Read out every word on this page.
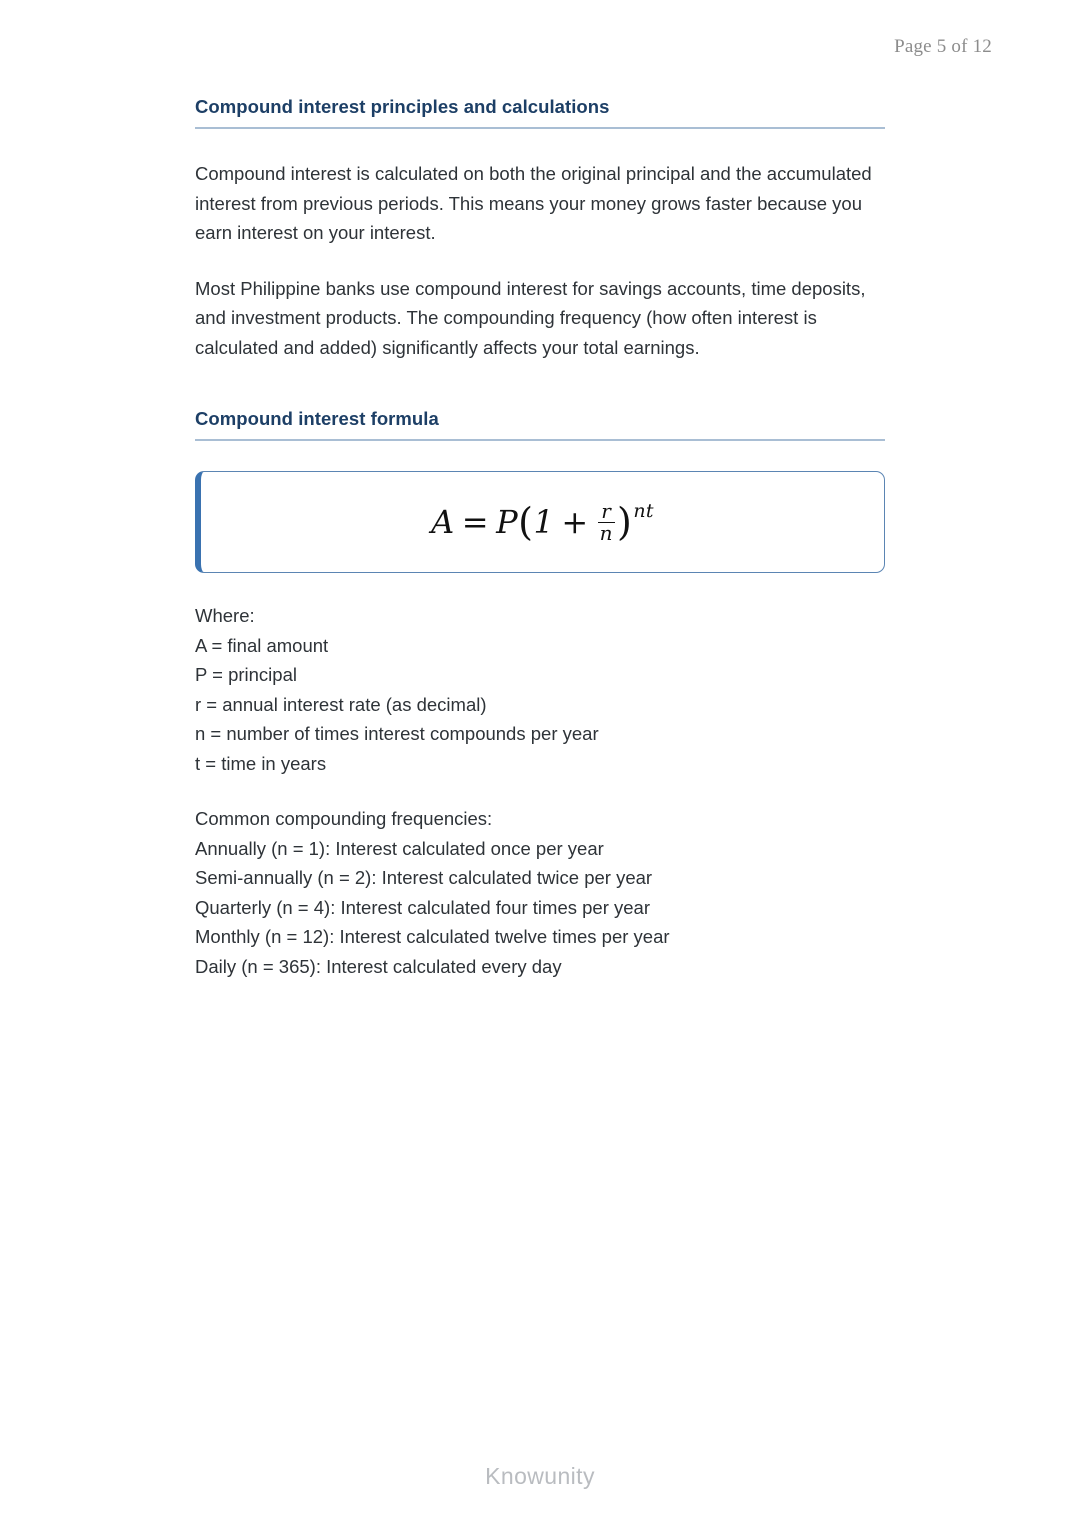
Page 5 of 12
Compound interest principles and calculations

Compound interest is calculated on both the original principal and the accumulated interest from previous periods. This means your money grows faster because you earn interest on your interest.

Most Philippine banks use compound interest for savings accounts, time deposits, and investment products. The compounding frequency (how often interest is calculated and added) significantly affects your total earnings.

Compound interest formula
A = P ( $1 + \frac{r}{n}$ ) nt
Where:
A = final amount
P = principal
r = annual interest rate (as decimal)
n = number of times interest compounds per year
t = time in years
Common compounding frequencies:
Annually (n = 1): Interest calculated once per year
Semi-annually (n = 2): Interest calculated twice per year
Quarterly (n = 4): Interest calculated four times per year
Monthly (n = 12): Interest calculated twelve times per year
Daily (n = 365): Interest calculated every day
Knowunity
